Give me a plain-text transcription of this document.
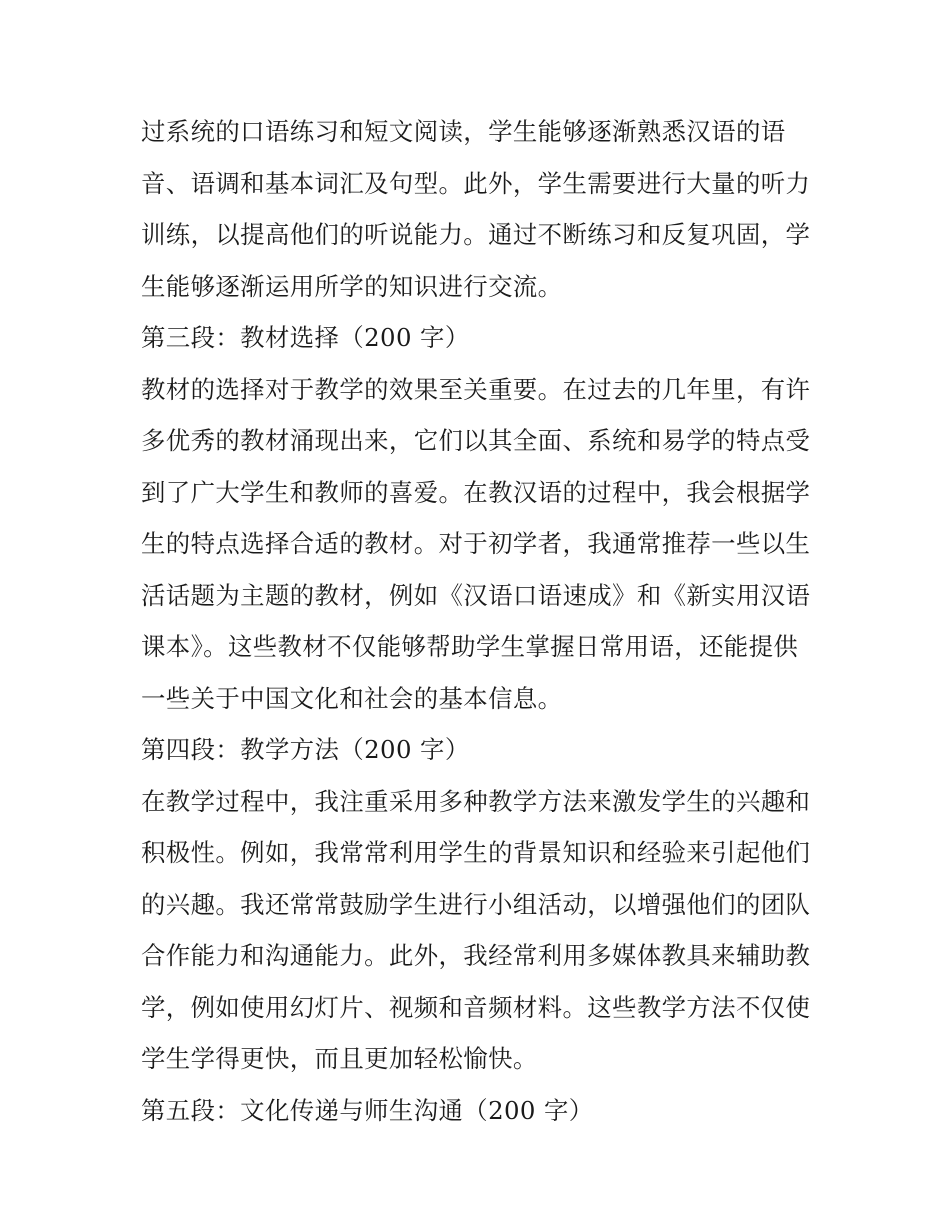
过系统的口语练习和短文阅读，学生能够逐渐熟悉汉语的语
音、语调和基本词汇及句型。此外，学生需要进行大量的听力
训练，以提高他们的听说能力。通过不断练习和反复巩固，学
生能够逐渐运用所学的知识进行交流。
第三段：教材选择（200 字）
教材的选择对于教学的效果至关重要。在过去的几年里，有许
多优秀的教材涌现出来，它们以其全面、系统和易学的特点受
到了广大学生和教师的喜爱。在教汉语的过程中，我会根据学
生的特点选择合适的教材。对于初学者，我通常推荐一些以生
活话题为主题的教材，例如《汉语口语速成》和《新实用汉语
课本》。这些教材不仅能够帮助学生掌握日常用语，还能提供
一些关于中国文化和社会的基本信息。
第四段：教学方法（200 字）
在教学过程中，我注重采用多种教学方法来激发学生的兴趣和
积极性。例如，我常常利用学生的背景知识和经验来引起他们
的兴趣。我还常常鼓励学生进行小组活动，以增强他们的团队
合作能力和沟通能力。此外，我经常利用多媒体教具来辅助教
学，例如使用幻灯片、视频和音频材料。这些教学方法不仅使
学生学得更快，而且更加轻松愉快。
第五段：文化传递与师生沟通（200 字）
